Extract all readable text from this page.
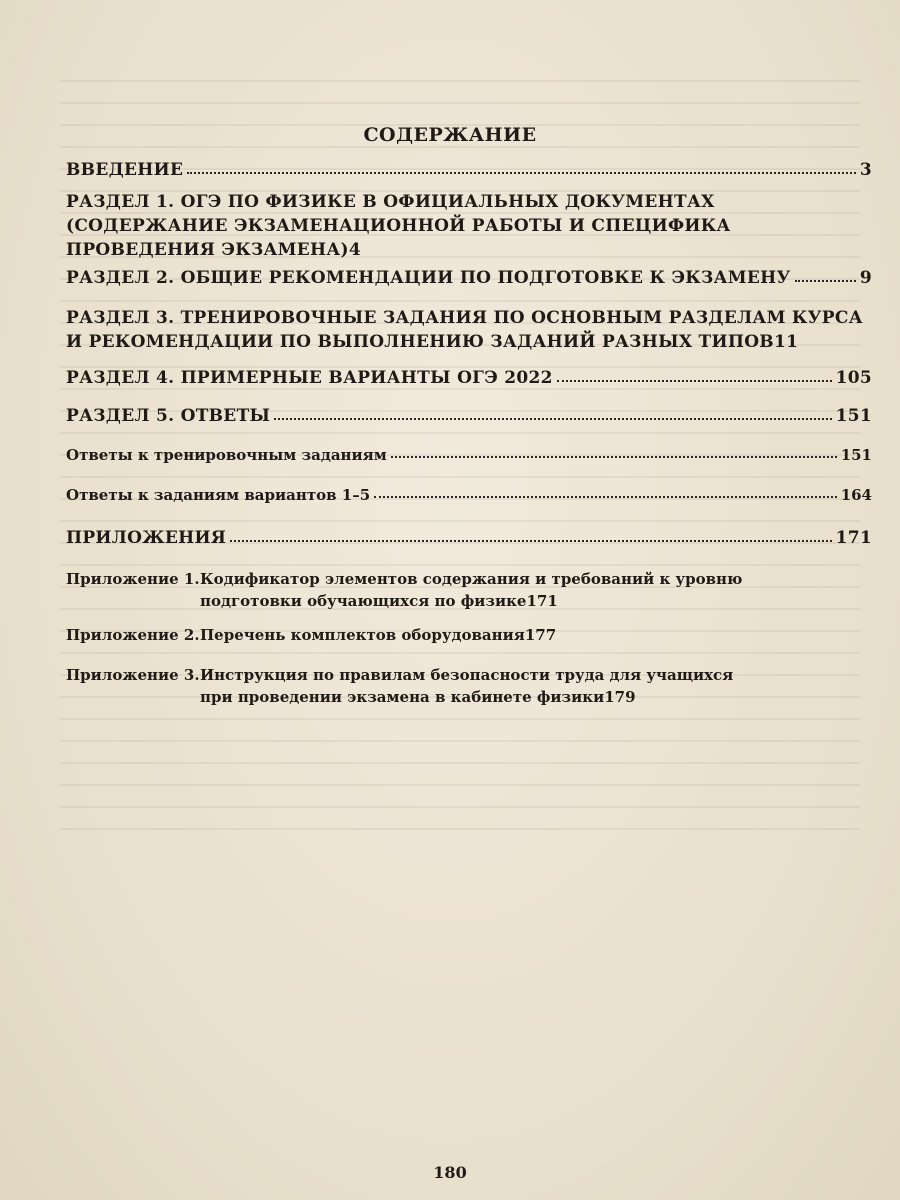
СОДЕРЖАНИЕ
ВВЕДЕНИЕ	3
РАЗДЕЛ 1. ОГЭ ПО ФИЗИКЕ В ОФИЦИАЛЬНЫХ ДОКУМЕНТАХ
(СОДЕРЖАНИЕ ЭКЗАМЕНАЦИОННОЙ РАБОТЫ И СПЕЦИФИКА
ПРОВЕДЕНИЯ ЭКЗАМЕНА) 4
РАЗДЕЛ 2. ОБЩИЕ РЕКОМЕНДАЦИИ ПО ПОДГОТОВКЕ К ЭКЗАМЕНУ	9
РАЗДЕЛ 3. ТРЕНИРОВОЧНЫЕ ЗАДАНИЯ ПО ОСНОВНЫМ РАЗДЕЛАМ КУРСА
И РЕКОМЕНДАЦИИ ПО ВЫПОЛНЕНИЮ ЗАДАНИЙ РАЗНЫХ ТИПОВ 11
РАЗДЕЛ 4. ПРИМЕРНЫЕ ВАРИАНТЫ ОГЭ 2022	105
РАЗДЕЛ 5. ОТВЕТЫ	151
Ответы к тренировочным заданиям	151
Ответы к заданиям вариантов 1–5	164
ПРИЛОЖЕНИЯ	171
Приложение 1. Кодификатор элементов содержания и требований к уровню
подготовки обучающихся по физике 171
Приложение 2. Перечень комплектов оборудования 177
Приложение 3. Инструкция по правилам безопасности труда для учащихся
при проведении экзамена в кабинете физики 179
180
